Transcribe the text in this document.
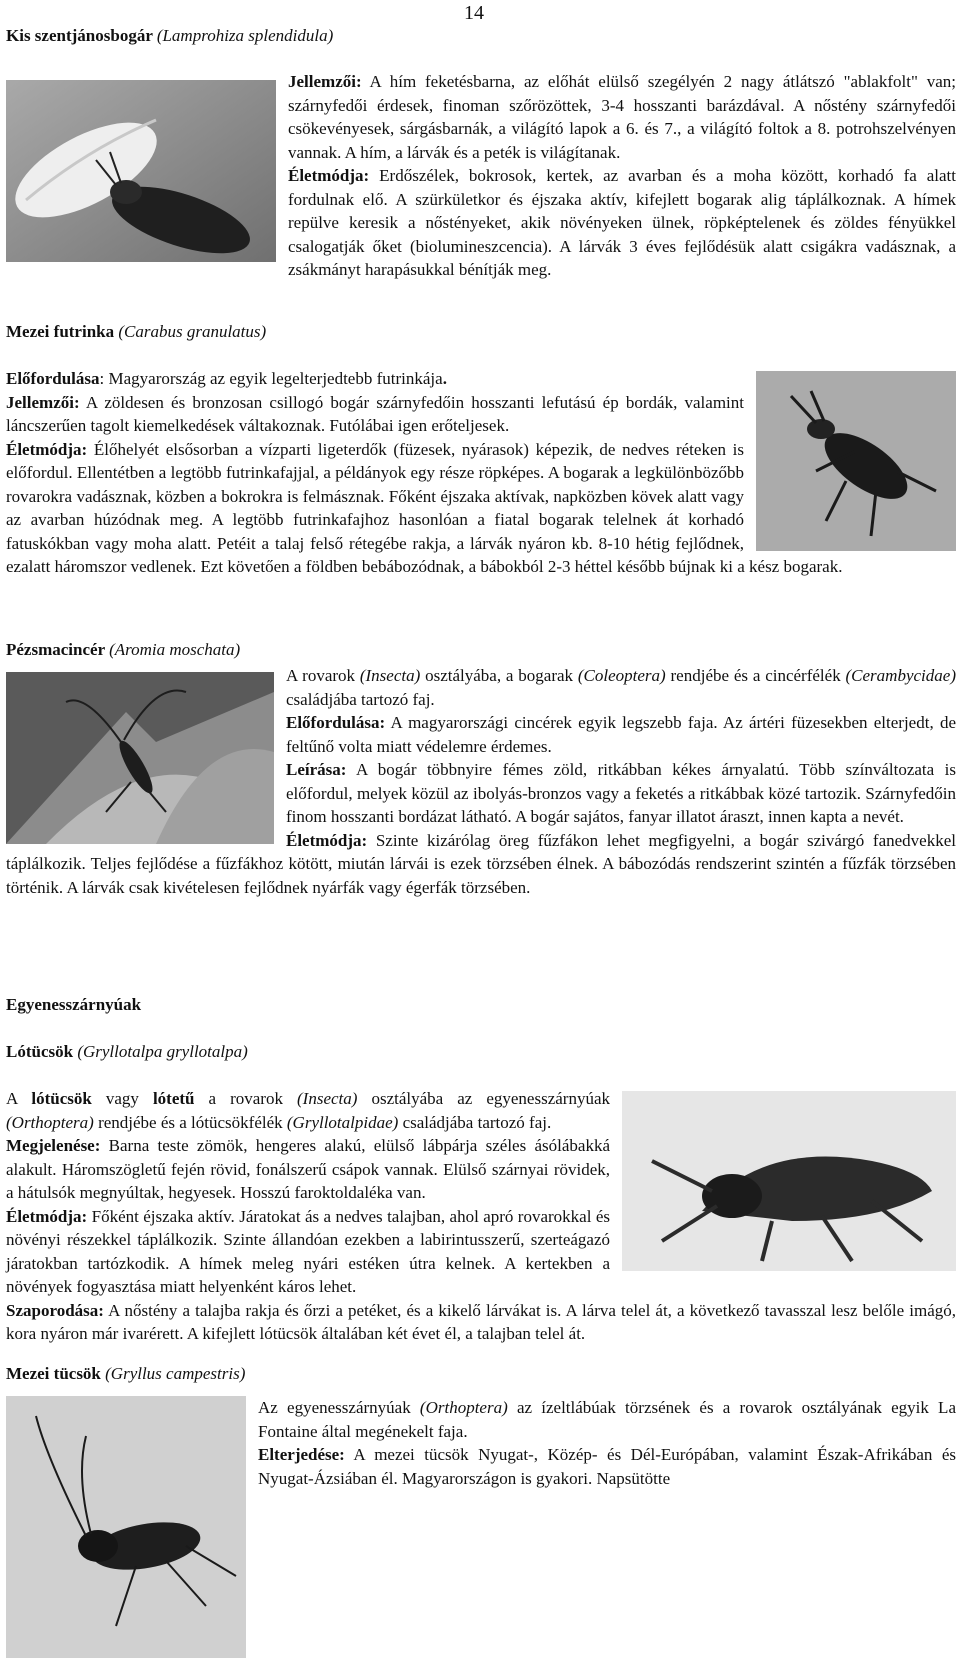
14
Kis szentjánosbogár (Lamprohiza splendidula)

Jellemzői: A hím feketésbarna, az előhát elülső szegélyén 2 nagy átlátszó "ablakfolt" van; szárnyfedői érdesek, finoman szőrözöttek, 3-4 hosszanti barázdával. A nőstény szárnyfedői csökevényesek, sárgásbarnák, a világító lapok a 6. és 7., a világító foltok a 8. potrohszelvényen vannak. A hím, a lárvák és a peték is világítanak.

Életmódja: Erdőszélek, bokrosok, kertek, az avarban és a moha között, korhadó fa alatt fordulnak elő. A szürkületkor és éjszaka aktív, kifejlett bogarak alig táplálkoznak. A hímek repülve keresik a nőstényeket, akik növényeken ülnek, röpképtelenek és zöldes fényükkel csalogatják őket (biolumineszcencia). A lárvák 3 éves fejlődésük alatt csigákra vadásznak, a zsákmányt harapásukkal bénítják meg.

Mezei futrinka (Carabus granulatus)

Előfordulása: Magyarország az egyik legelterjedtebb futrinkája.

Jellemzői: A zöldesen és bronzosan csillogó bogár szárnyfedőin hosszanti lefutású ép bordák, valamint láncszerűen tagolt kiemelkedések váltakoznak. Futólábai igen erőteljesek.

Életmódja: Élőhelyét elsősorban a vízparti ligeterdők (füzesek, nyárasok) képezik, de nedves réteken is előfordul. Ellentétben a legtöbb futrinkafajjal, a példányok egy része röpképes. A bogarak a legkülönbözőbb rovarokra vadásznak, közben a bokrokra is felmásznak. Főként éjszaka aktívak, napközben kövek alatt vagy az avarban húzódnak meg. A legtöbb futrinkafajhoz hasonlóan a fiatal bogarak telelnek át korhadó fatuskókban vagy moha alatt. Petéit a talaj felső rétegébe rakja, a lárvák nyáron kb. 8-10 hétig fejlődnek, ezalatt háromszor vedlenek. Ezt követően a földben bebábozódnak, a bábokból 2-3 héttel később bújnak ki a kész bogarak.

Pézsmacincér (Aromia moschata)

A rovarok (Insecta) osztályába, a bogarak (Coleoptera) rendjébe és a cincérfélék (Cerambycidae) családjába tartozó faj.

Előfordulása: A magyarországi cincérek egyik legszebb faja. Az ártéri füzesekben elterjedt, de feltűnő volta miatt védelemre érdemes.

Leírása: A bogár többnyire fémes zöld, ritkábban kékes árnyalatú. Több színváltozata is előfordul, melyek közül az ibolyás-bronzos vagy a feketés a ritkábbak közé tartozik. Szárnyfedőin finom hosszanti bordázat látható. A bogár sajátos, fanyar illatot áraszt, innen kapta a nevét.

Életmódja: Szinte kizárólag öreg fűzfákon lehet megfigyelni, a bogár szivárgó fanedvekkel táplálkozik. Teljes fejlődése a fűzfákhoz kötött, miután lárvái is ezek törzsében élnek. A bábozódás rendszerint szintén a fűzfák törzsében történik. A lárvák csak kivételesen fejlődnek nyárfák vagy égerfák törzsében.

Egyenesszárnyúak
Lótücsök (Gryllotalpa gryllotalpa)

A lótücsök vagy lótetű a rovarok (Insecta) osztályába az egyenesszárnyúak (Orthoptera) rendjébe és a lótücsökfélék (Gryllotalpidae) családjába tartozó faj.

Megjelenése: Barna teste zömök, hengeres alakú, elülső lábpárja széles ásólábakká alakult. Háromszögletű fején rövid, fonálszerű csápok vannak. Elülső szárnyai rövidek, a hátulsók megnyúltak, hegyesek. Hosszú faroktoldaléka van.

Életmódja: Főként éjszaka aktív. Járatokat ás a nedves talajban, ahol apró rovarokkal és növényi részekkel táplálkozik. Szinte állandóan ezekben a labirintusszerű, szerteágazó járatokban tartózkodik. A hímek meleg nyári estéken útra kelnek. A kertekben a növények fogyasztása miatt helyenként káros lehet.

Szaporodása: A nőstény a talajba rakja és őrzi a petéket, és a kikelő lárvákat is. A lárva telel át, a következő tavasszal lesz belőle imágó, kora nyáron már ivarérett. A kifejlett lótücsök általában két évet él, a talajban telel át.

Mezei tücsök (Gryllus campestris)

Az egyenesszárnyúak (Orthoptera) az ízeltlábúak törzsének és a rovarok osztályának egyik La Fontaine által megénekelt faja.

Elterjedése: A mezei tücsök Nyugat-, Közép- és Dél-Európában, valamint Észak-Afrikában és Nyugat-Ázsiában él. Magyarországon is gyakori. Napsütötte
